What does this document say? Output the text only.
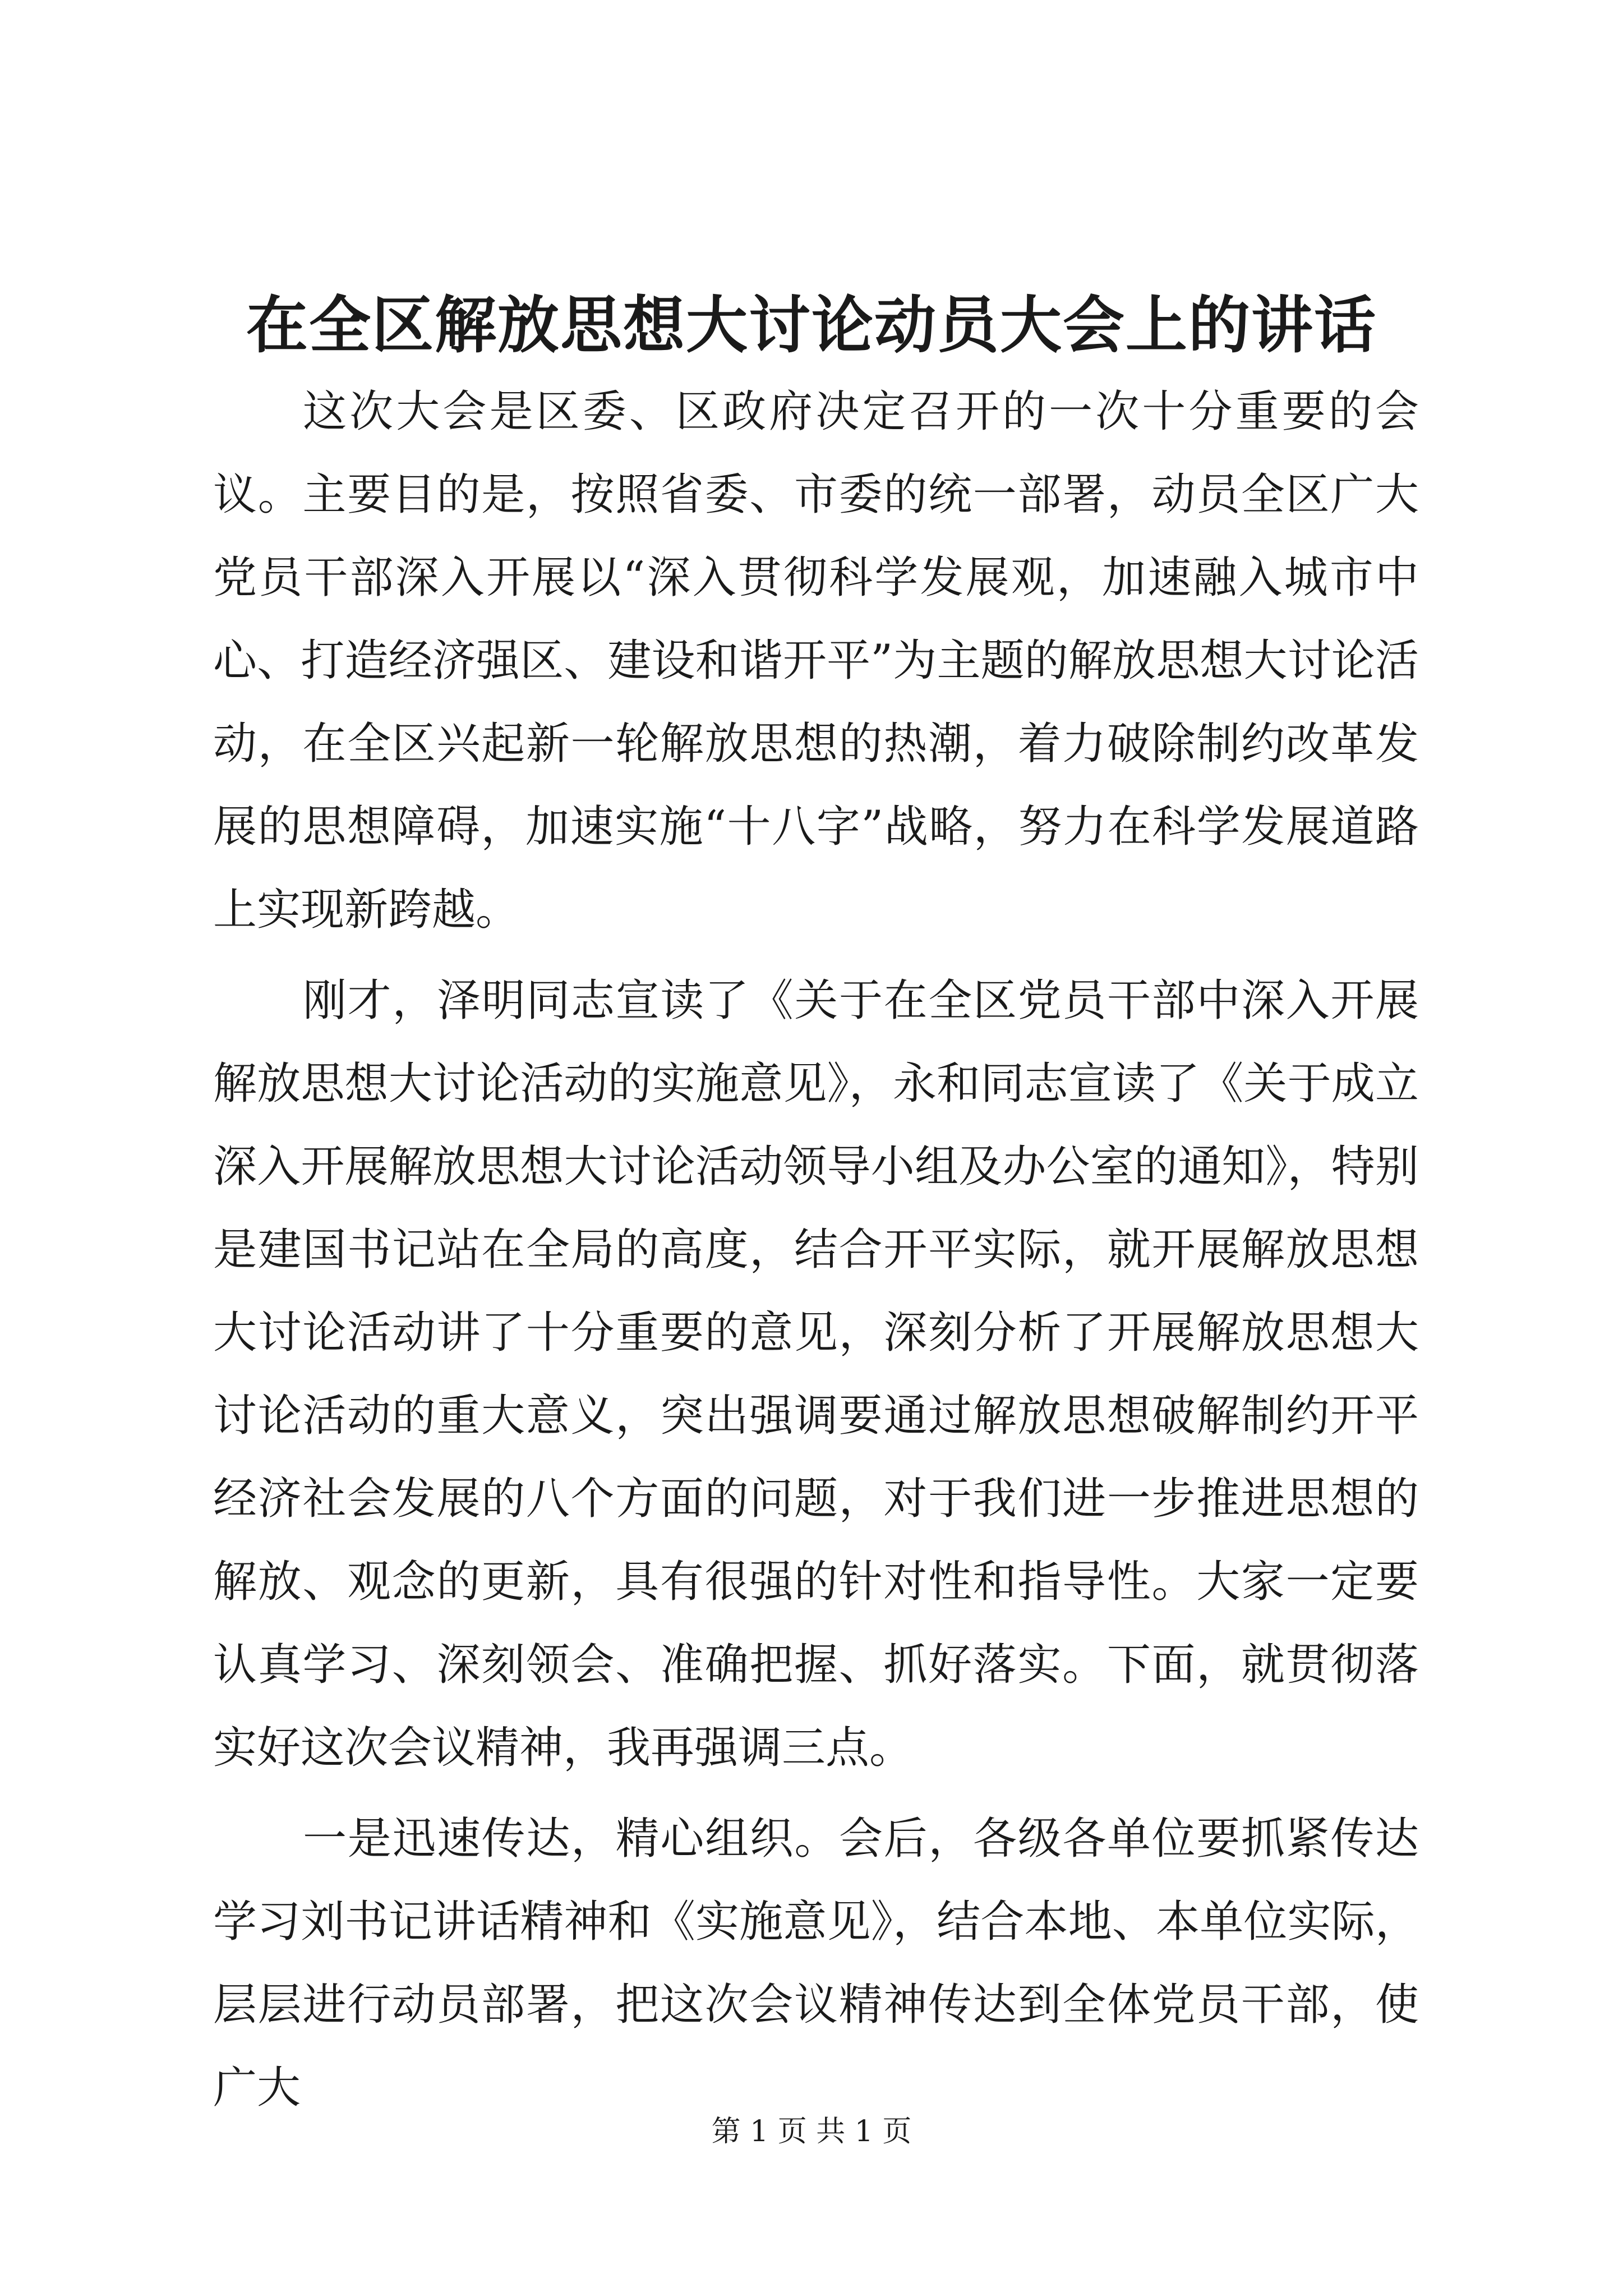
在全区解放思想大讨论动员大会上的讲话

这次大会是区委、区政府决定召开的一次十分重要的会议。主要目的是，按照省委、市委的统一部署，动员全区广大党员干部深入开展以“深入贯彻科学发展观，加速融入城市中心、打造经济强区、建设和谐开平”为主题的解放思想大讨论活动，在全区兴起新一轮解放思想的热潮，着力破除制约改革发展的思想障碍，加速实施“十八字”战略，努力在科学发展道路上实现新跨越。

刚才，泽明同志宣读了《关于在全区党员干部中深入开展解放思想大讨论活动的实施意见》，永和同志宣读了《关于成立深入开展解放思想大讨论活动领导小组及办公室的通知》，特别是建国书记站在全局的高度，结合开平实际，就开展解放思想大讨论活动讲了十分重要的意见，深刻分析了开展解放思想大讨论活动的重大意义，突出强调要通过解放思想破解制约开平经济社会发展的八个方面的问题，对于我们进一步推进思想的解放、观念的更新，具有很强的针对性和指导性。大家一定要认真学习、深刻领会、准确把握、抓好落实。下面，就贯彻落实好这次会议精神，我再强调三点。

一是迅速传达，精心组织。会后，各级各单位要抓紧传达学习刘书记讲话精神和《实施意见》，结合本地、本单位实际，层层进行动员部署，把这次会议精神传达到全体党员干部，使广大

第 1 页 共 1 页
